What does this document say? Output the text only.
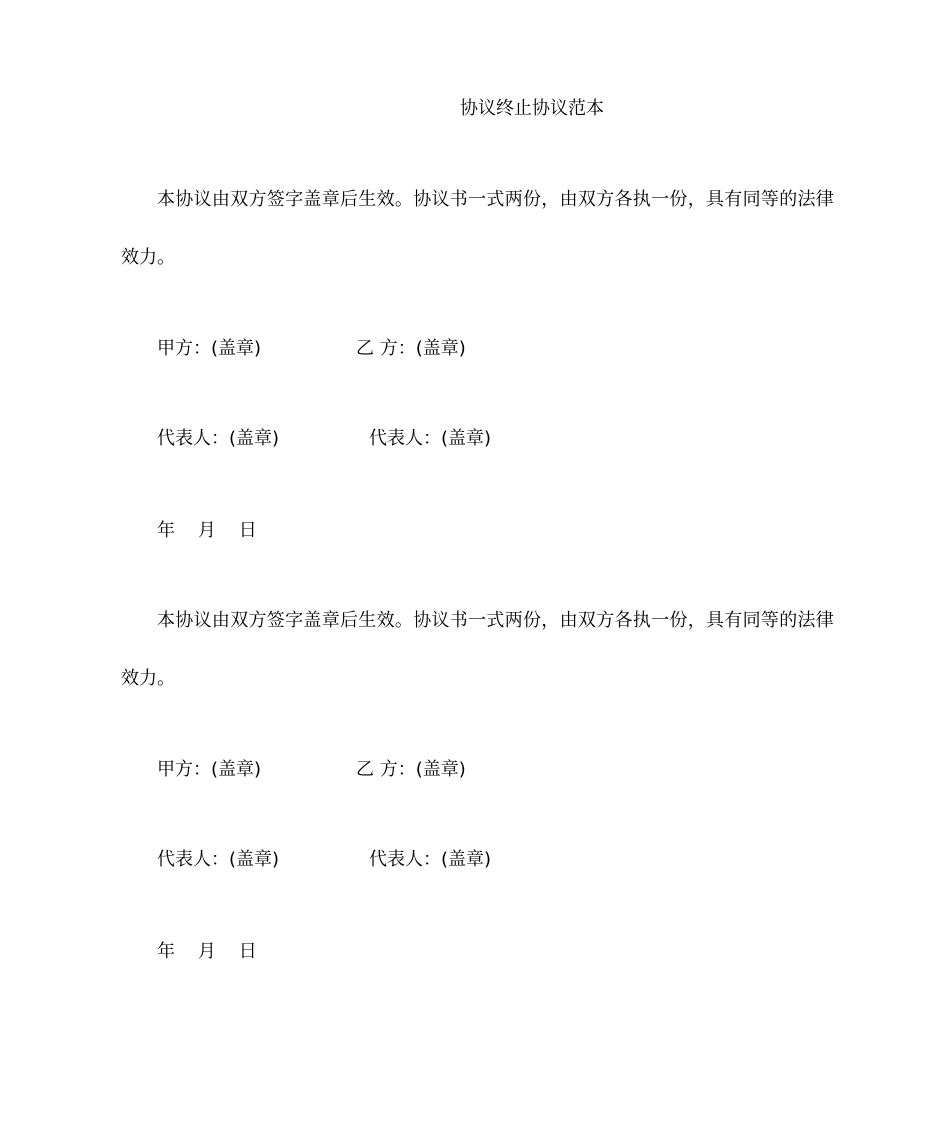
协议终止协议范本
本协议由双方签字盖章后生效。协议书一式两份，由双方各执一份，具有同等的法律
效力。
甲方：(盖章)	乙 方：(盖章)
代表人：(盖章)	代表人：(盖章)
年    月    日
本协议由双方签字盖章后生效。协议书一式两份，由双方各执一份，具有同等的法律
效力。
甲方：(盖章)	乙 方：(盖章)
代表人：(盖章)	代表人：(盖章)
年    月    日
